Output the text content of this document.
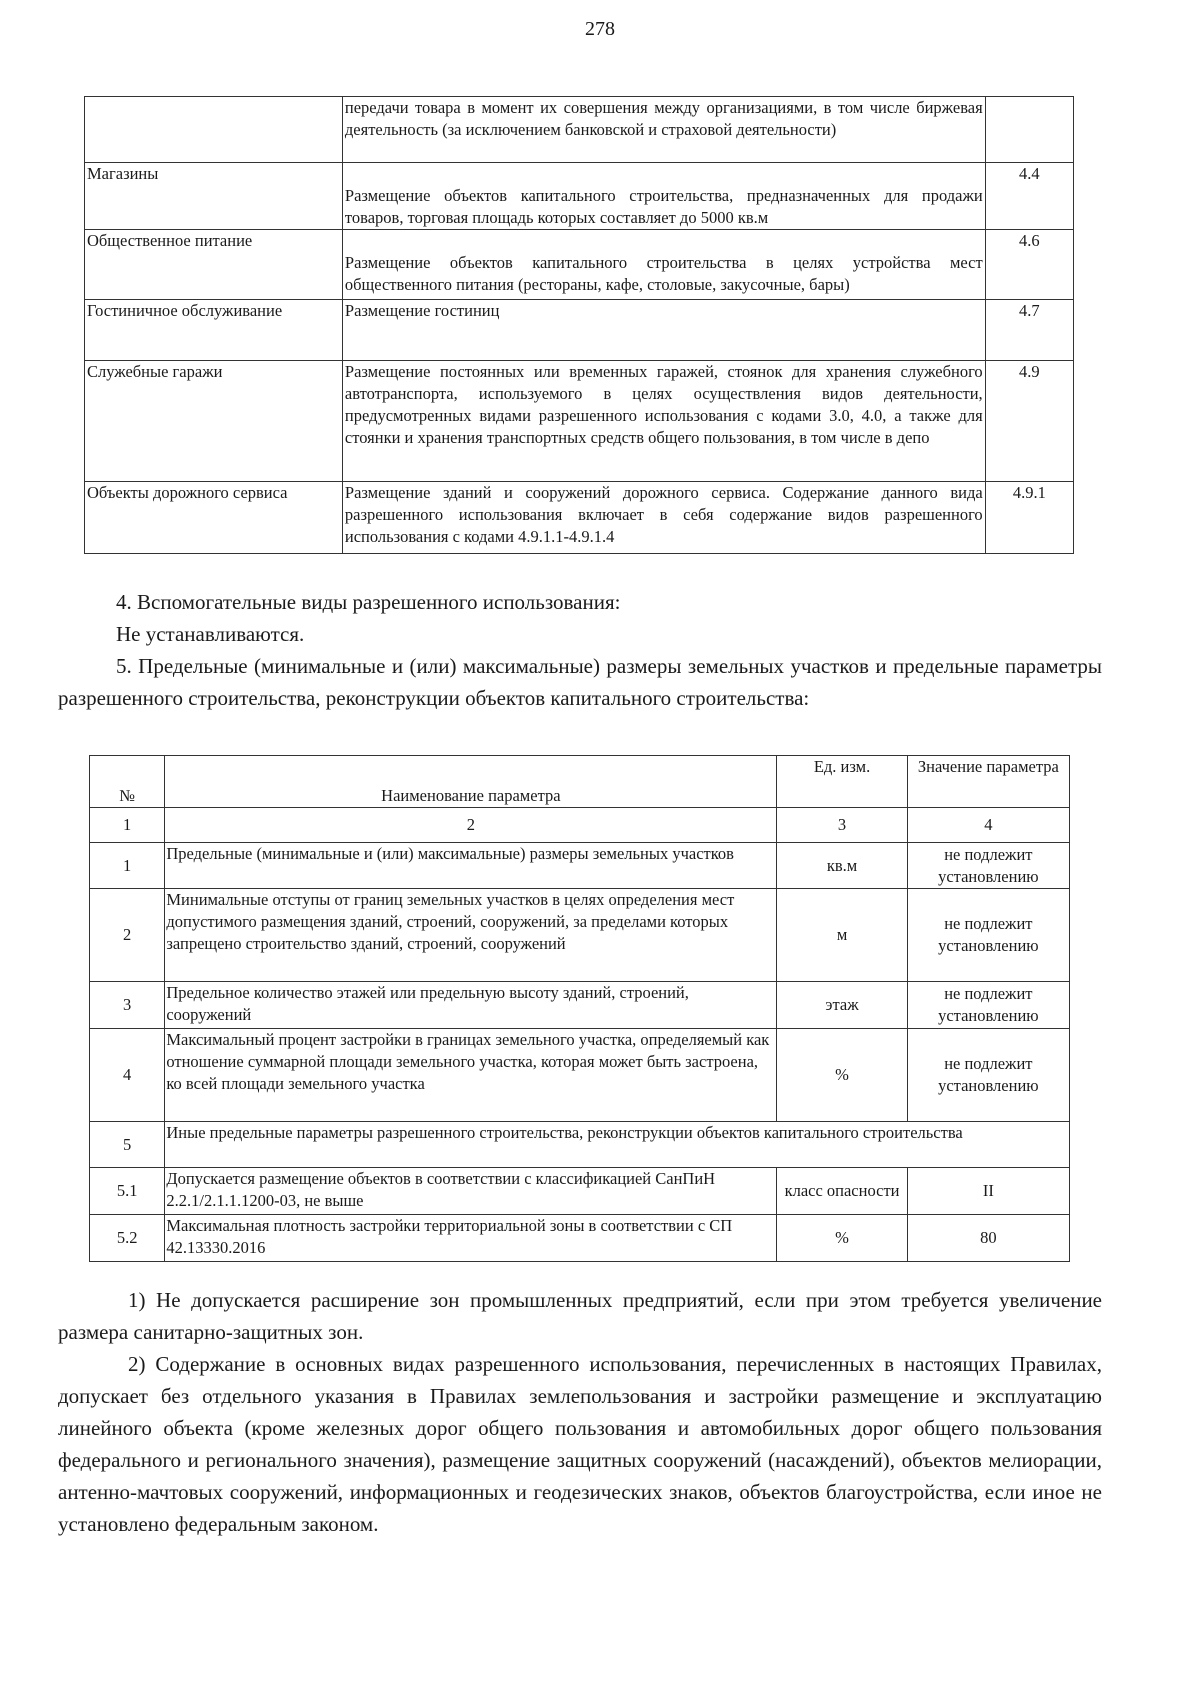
278
	передачи товара в момент их совершения между организациями, в том числе биржевая деятельность (за исключением банковской и страховой деятельности)	
Магазины	Размещение объектов капитального строительства, предназначенных для продажи товаров, торговая площадь которых составляет до 5000 кв.м	4.4
Общественное питание	Размещение объектов капитального строительства в целях устройства мест общественного питания (рестораны, кафе, столовые, закусочные, бары)	4.6
Гостиничное обслуживание	Размещение гостиниц	4.7
Служебные гаражи	Размещение постоянных или временных гаражей, стоянок для хранения служебного автотранспорта, используемого в целях осуществления видов деятельности, предусмотренных видами разрешенного использования с кодами 3.0, 4.0, а также для стоянки и хранения транспортных средств общего пользования, в том числе в депо	4.9
Объекты дорожного сервиса	Размещение зданий и сооружений дорожного сервиса. Содержание данного вида разрешенного использования включает в себя содержание видов разрешенного использования с кодами 4.9.1.1-4.9.1.4	4.9.1

4. Вспомогательные виды разрешенного использования:

Не устанавливаются.

5. Предельные (минимальные и (или) максимальные) размеры земельных участков и предельные параметры разрешенного строительства, реконструкции объектов капитального строительства:

№	Наименование параметра	Ед. изм.	Значение параметра
1	2	3	4
1	Предельные (минимальные и (или) максимальные) размеры земельных участков	кв.м	не подлежит установлению
2	Минимальные отступы от границ земельных участков в целях определения мест допустимого размещения зданий, строений, сооружений, за пределами которых запрещено строительство зданий, строений, сооружений	м	не подлежит установлению
3	Предельное количество этажей или предельную высоту зданий, строений, сооружений	этаж	не подлежит установлению
4	Максимальный процент застройки в границах земельного участка, определяемый как отношение суммарной площади земельного участка, которая может быть застроена, ко всей площади земельного участка	%	не подлежит установлению
5	Иные предельные параметры разрешенного строительства, реконструкции объектов капитального строительства		
5.1	Допускается размещение объектов в соответствии с классификацией СанПиН 2.2.1/2.1.1.1200-03, не выше	класс опасности	II
5.2	Максимальная плотность застройки территориальной зоны в соответствии с СП 42.13330.2016	%	80

1) Не допускается расширение зон промышленных предприятий, если при этом требуется увеличение размера санитарно-защитных зон.

2) Содержание в основных видах разрешенного использования, перечисленных в настоящих Правилах, допускает без отдельного указания в Правилах землепользования и застройки размещение и эксплуатацию линейного объекта (кроме железных дорог общего пользования и автомобильных дорог общего пользования федерального и регионального значения), размещение защитных сооружений (насаждений), объектов мелиорации, антенно-мачтовых сооружений, информационных и геодезических знаков, объектов благоустройства, если иное не установлено федеральным законом.
